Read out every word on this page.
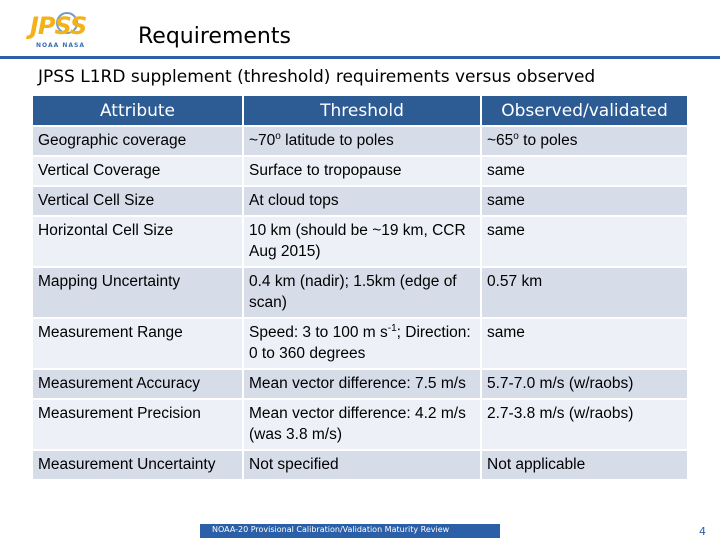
JPSS
NOAA NASA Requirements
JPSS L1RD supplement (threshold) requirements versus observed
Attribute	Threshold	Observed/validated
Geographic coverage	~70$^o$ latitude to poles	~65$^o$ to poles
Vertical Coverage	Surface to tropopause	same
Vertical Cell Size	At cloud tops	same
Horizontal Cell Size	10 km (should be ~19 km, CCR Aug 2015)	same
Mapping Uncertainty	0.4 km (nadir); 1.5km (edge of scan)	0.57 km
Measurement Range	Speed: 3 to 100 m $s^{-1}$; Direction: 0 to 360 degrees	same
Measurement Accuracy	Mean vector difference: 7.5 m/s	5.7-7.0 m/s (w/raobs)
Measurement Precision	Mean vector difference: 4.2 m/s (was 3.8 m/s)	2.7-3.8 m/s (w/raobs)
Measurement Uncertainty	Not specified	Not applicable
NOAA-20 Provisional Calibration/Validation Maturity Review	4
